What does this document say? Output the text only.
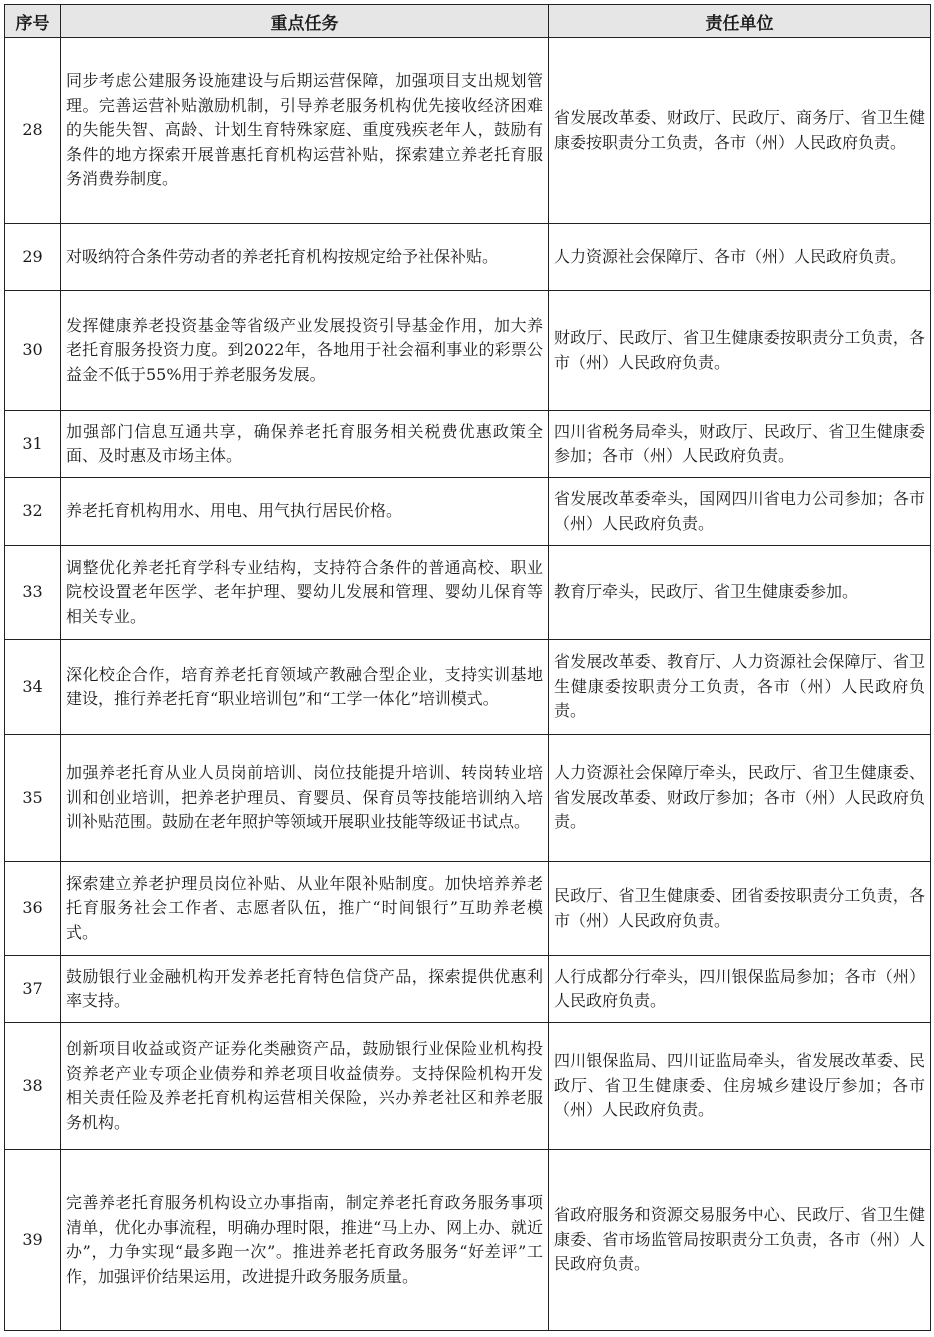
序号	重点任务	责任单位
28	同步考虑公建服务设施建设与后期运营保障，加强项目支出规划管理。完善运营补贴激励机制，引导养老服务机构优先接收经济困难的失能失智、高龄、计划生育特殊家庭、重度残疾老年人，鼓励有条件的地方探索开展普惠托育机构运营补贴，探索建立养老托育服务消费券制度。	省发展改革委、财政厅、民政厅、商务厅、省卫生健康委按职责分工负责，各市（州）人民政府负责。
29	对吸纳符合条件劳动者的养老托育机构按规定给予社保补贴。	人力资源社会保障厅、各市（州）人民政府负责。
30	发挥健康养老投资基金等省级产业发展投资引导基金作用，加大养老托育服务投资力度。到2022年，各地用于社会福利事业的彩票公益金不低于55%用于养老服务发展。	财政厅、民政厅、省卫生健康委按职责分工负责，各市（州）人民政府负责。
31	加强部门信息互通共享，确保养老托育服务相关税费优惠政策全面、及时惠及市场主体。	四川省税务局牵头，财政厅、民政厅、省卫生健康委参加；各市（州）人民政府负责。
32	养老托育机构用水、用电、用气执行居民价格。	省发展改革委牵头，国网四川省电力公司参加；各市（州）人民政府负责。
33	调整优化养老托育学科专业结构，支持符合条件的普通高校、职业院校设置老年医学、老年护理、婴幼儿发展和管理、婴幼儿保育等相关专业。	教育厅牵头，民政厅、省卫生健康委参加。
34	深化校企合作，培育养老托育领域产教融合型企业，支持实训基地建设，推行养老托育“职业培训包”和“工学一体化”培训模式。	省发展改革委、教育厅、人力资源社会保障厅、省卫生健康委按职责分工负责，各市（州）人民政府负责。
35	加强养老托育从业人员岗前培训、岗位技能提升培训、转岗转业培训和创业培训，把养老护理员、育婴员、保育员等技能培训纳入培训补贴范围。鼓励在老年照护等领域开展职业技能等级证书试点。	人力资源社会保障厅牵头，民政厅、省卫生健康委、省发展改革委、财政厅参加；各市（州）人民政府负责。
36	探索建立养老护理员岗位补贴、从业年限补贴制度。加快培养养老托育服务社会工作者、志愿者队伍，推广“时间银行”互助养老模式。	民政厅、省卫生健康委、团省委按职责分工负责，各市（州）人民政府负责。
37	鼓励银行业金融机构开发养老托育特色信贷产品，探索提供优惠利率支持。	人行成都分行牵头，四川银保监局参加；各市（州）人民政府负责。
38	创新项目收益或资产证券化类融资产品，鼓励银行业保险业机构投资养老产业专项企业债券和养老项目收益债券。支持保险机构开发相关责任险及养老托育机构运营相关保险，兴办养老社区和养老服务机构。	四川银保监局、四川证监局牵头，省发展改革委、民政厅、省卫生健康委、住房城乡建设厅参加；各市（州）人民政府负责。
39	完善养老托育服务机构设立办事指南，制定养老托育政务服务事项清单，优化办事流程，明确办理时限，推进“马上办、网上办、就近办”，力争实现“最多跑一次”。推进养老托育政务服务“好差评”工作，加强评价结果运用，改进提升政务服务质量。	省政府服务和资源交易服务中心、民政厅、省卫生健康委、省市场监管局按职责分工负责，各市（州）人民政府负责。
